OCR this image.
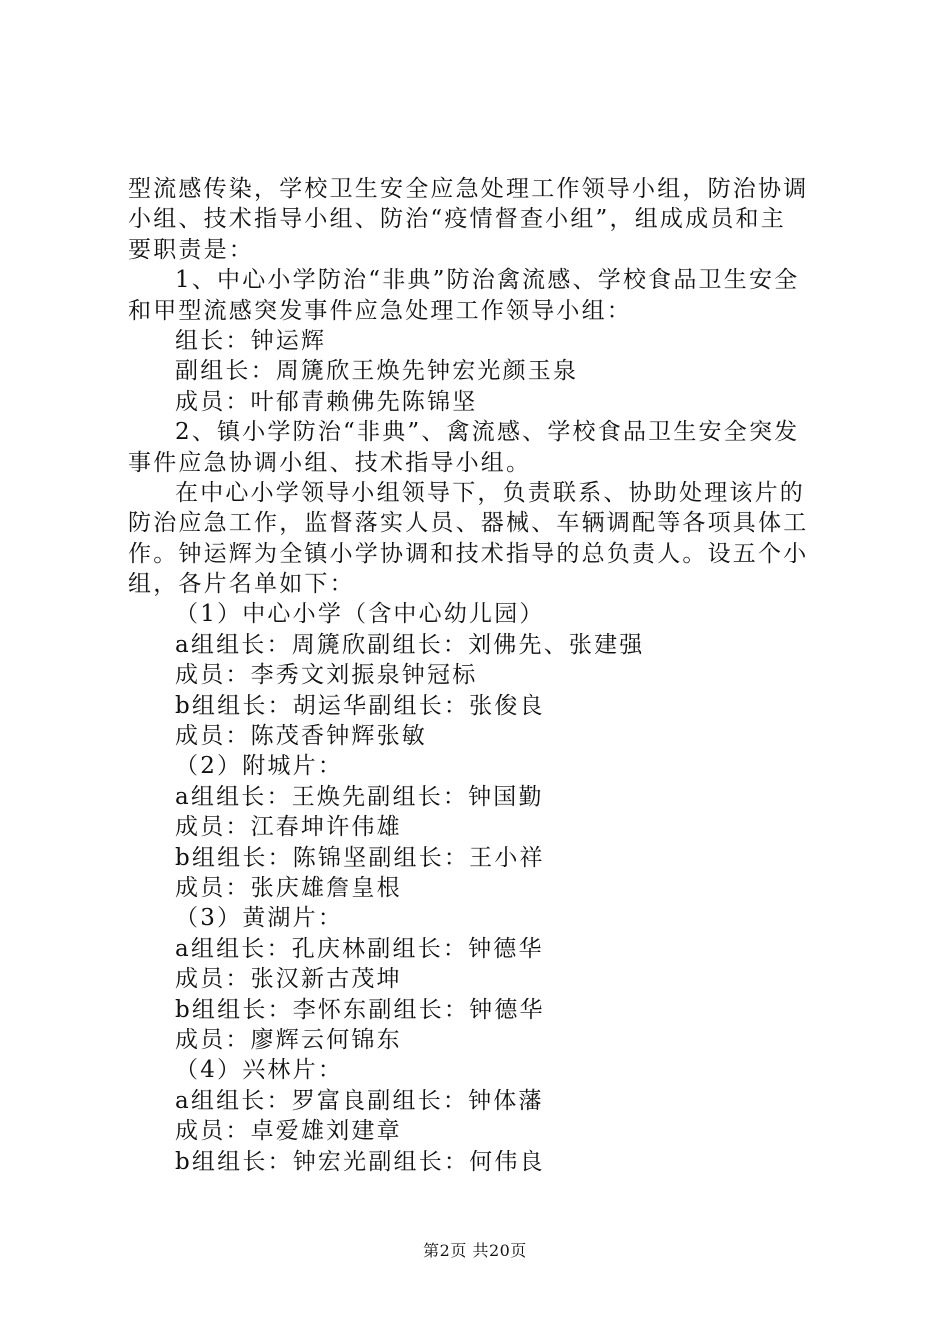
型流感传染，学校卫生安全应急处理工作领导小组，防治协调
小组、技术指导小组、防治“疫情督查小组”，组成成员和主
要职责是：
1、中心小学防治“非典”防治禽流感、学校食品卫生安全
和甲型流感突发事件应急处理工作领导小组：
组长：钟运辉
副组长：周篪欣王焕先钟宏光颜玉泉
成员：叶郁青赖佛先陈锦坚
2、镇小学防治“非典”、禽流感、学校食品卫生安全突发
事件应急协调小组、技术指导小组。
在中心小学领导小组领导下，负责联系、协助处理该片的
防治应急工作，监督落实人员、器械、车辆调配等各项具体工
作。钟运辉为全镇小学协调和技术指导的总负责人。设五个小
组，各片名单如下：
（1）中心小学（含中心幼儿园）
a组组长：周篪欣副组长：刘佛先、张建强
成员：李秀文刘振泉钟冠标
b组组长：胡运华副组长：张俊良
成员：陈茂香钟辉张敏
（2）附城片：
a组组长：王焕先副组长：钟国勤
成员：江春坤许伟雄
b组组长：陈锦坚副组长：王小祥
成员：张庆雄詹皇根
（3）黄湖片：
a组组长：孔庆林副组长：钟德华
成员：张汉新古茂坤
b组组长：李怀东副组长：钟德华
成员：廖辉云何锦东
（4）兴林片：
a组组长：罗富良副组长：钟体藩
成员：卓爱雄刘建章
b组组长：钟宏光副组长：何伟良
第2页 共20页
